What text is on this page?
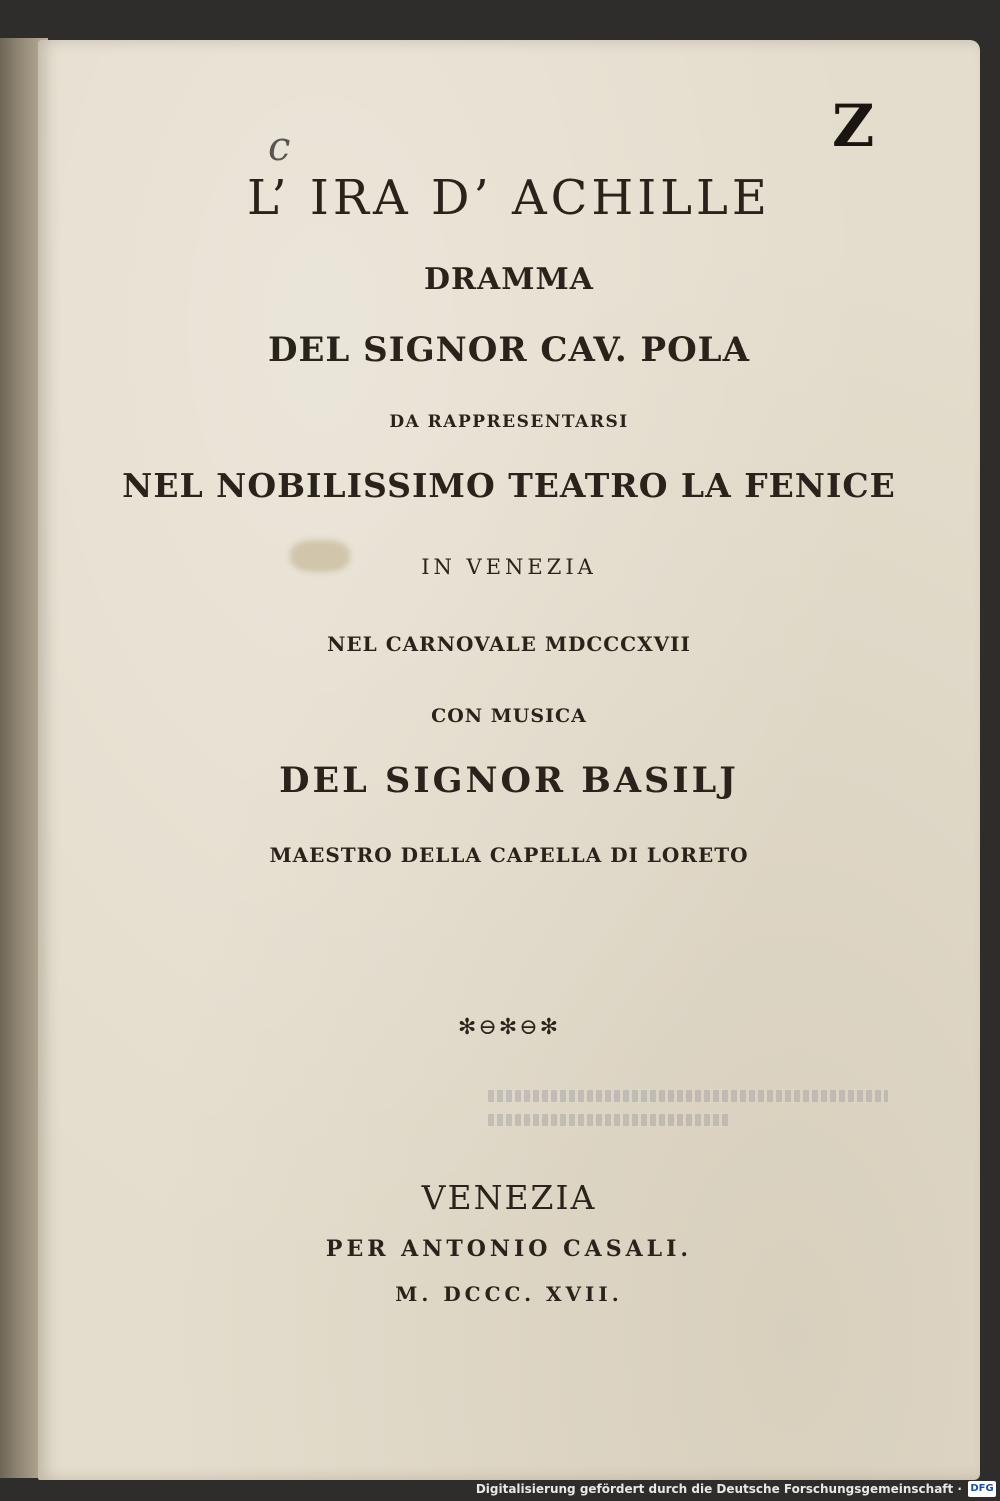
c	Z
L’ IRA D’ ACHILLE
DRAMMA
DEL SIGNOR CAV. POLA
DA RAPPRESENTARSI
NEL NOBILISSIMO TEATRO LA FENICE
IN VENEZIA
NEL CARNOVALE MDCCCXVII
CON MUSICA
DEL SIGNOR BASILJ
MAESTRO DELLA CAPELLA DI LORETO
✻⊖✻⊖✻
VENEZIA
PER ANTONIO CASALI.
M. DCCC. XVII.
Digitalisierung gefördert durch die Deutsche Forschungsgemeinschaft · DFG
